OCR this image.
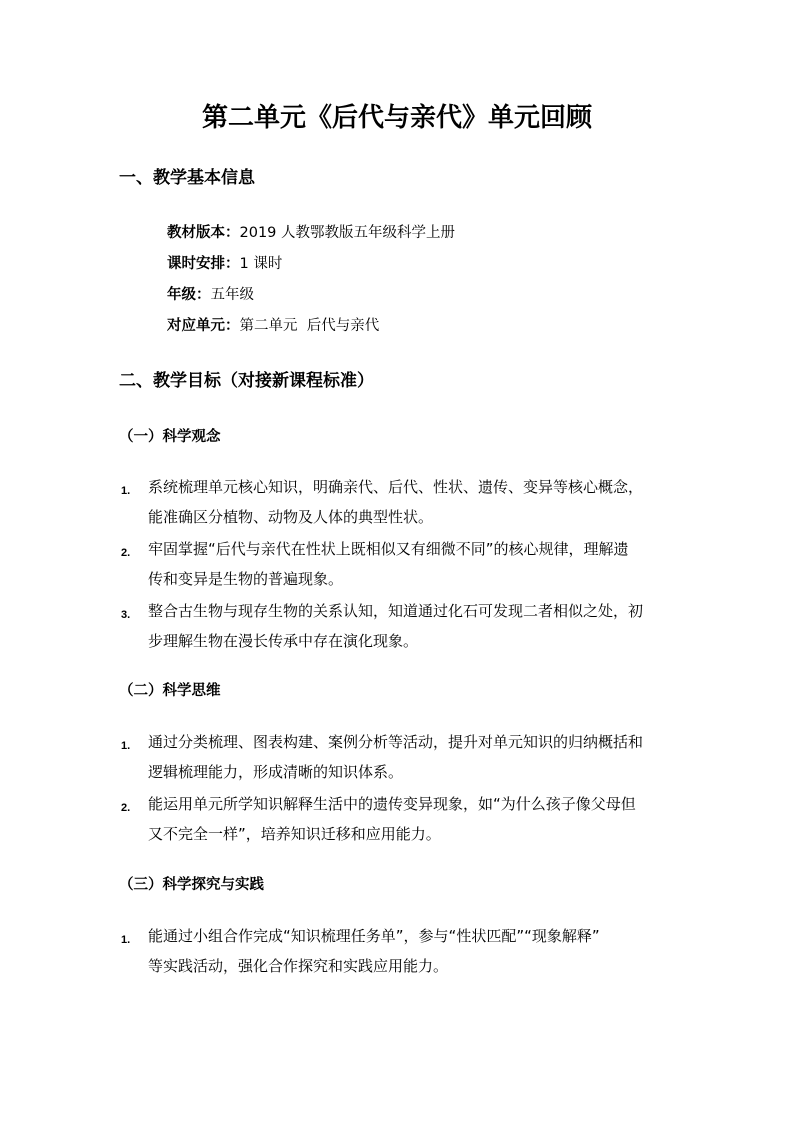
第二单元《后代与亲代》单元回顾
一、教学基本信息
教材版本：2019 人教鄂教版五年级科学上册
课时安排：1 课时
年级：五年级
对应单元：第二单元  后代与亲代
二、教学目标（对接新课程标准）
（一）科学观念
1. 系统梳理单元核心知识，明确亲代、后代、性状、遗传、变异等核心概念，
能准确区分植物、动物及人体的典型性状。
2. 牢固掌握“后代与亲代在性状上既相似又有细微不同”的核心规律，理解遗
传和变异是生物的普遍现象。
3. 整合古生物与现存生物的关系认知，知道通过化石可发现二者相似之处，初
步理解生物在漫长传承中存在演化现象。
（二）科学思维
1. 通过分类梳理、图表构建、案例分析等活动，提升对单元知识的归纳概括和
逻辑梳理能力，形成清晰的知识体系。
2. 能运用单元所学知识解释生活中的遗传变异现象，如“为什么孩子像父母但
又不完全一样”，培养知识迁移和应用能力。
（三）科学探究与实践
1. 能通过小组合作完成“知识梳理任务单”，参与“性状匹配”“现象解释”
等实践活动，强化合作探究和实践应用能力。
